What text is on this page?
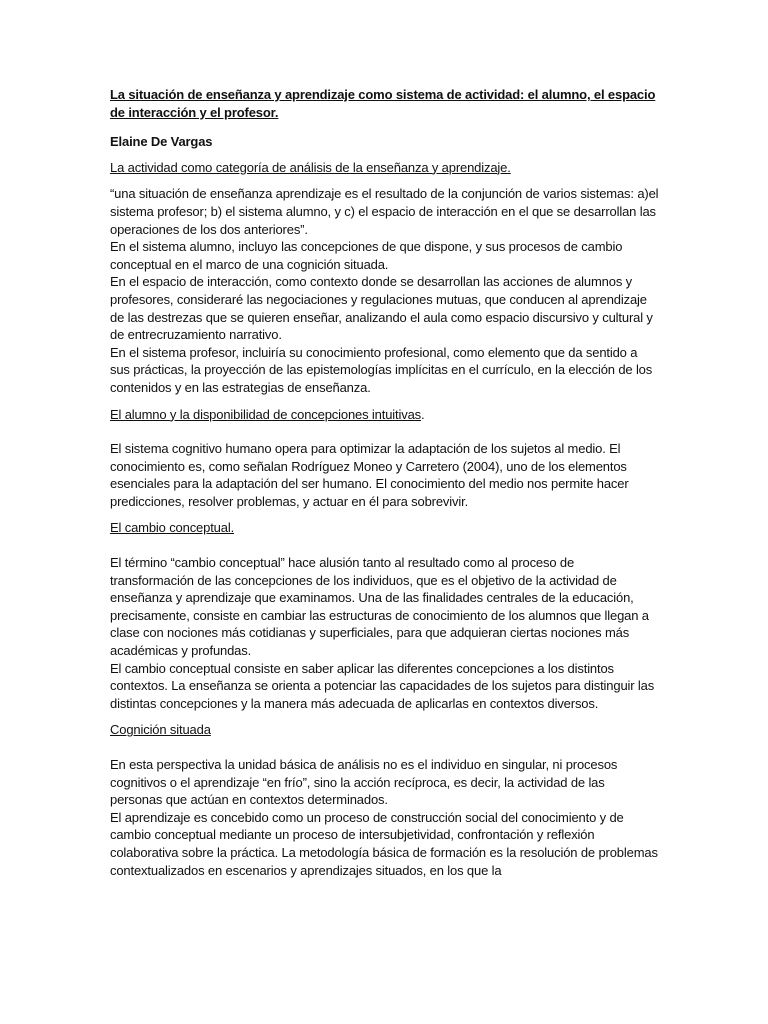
La situación de enseñanza y aprendizaje como sistema de actividad: el alumno, el espacio de interacción y el profesor.

Elaine De Vargas

La actividad como categoría de análisis de la enseñanza y aprendizaje.

“una situación de enseñanza aprendizaje es el resultado de la conjunción de varios sistemas: a)el sistema profesor; b) el sistema alumno, y c) el espacio de interacción en el que se desarrollan las operaciones de los dos anteriores”.

En el sistema alumno, incluyo las concepciones de que dispone, y sus procesos de cambio conceptual en el marco de una cognición situada.

En el espacio de interacción, como contexto donde se desarrollan las acciones de alumnos y profesores, consideraré las negociaciones y regulaciones mutuas, que conducen al aprendizaje de las destrezas que se quieren enseñar, analizando el aula como espacio discursivo y cultural y de entrecruzamiento narrativo.

En el sistema profesor, incluiría su conocimiento profesional, como elemento que da sentido a sus prácticas, la proyección de las epistemologías implícitas en el currículo, en la elección de los contenidos y en las estrategias de enseñanza.

El alumno y la disponibilidad de concepciones intuitivas.

El sistema cognitivo humano opera para optimizar la adaptación de los sujetos al medio. El conocimiento es, como señalan Rodríguez Moneo y Carretero (2004), uno de los elementos esenciales para la adaptación del ser humano. El conocimiento del medio nos permite hacer predicciones, resolver problemas, y actuar en él para sobrevivir.

El cambio conceptual.

El término “cambio conceptual” hace alusión tanto al resultado como al proceso de transformación de las concepciones de los individuos, que es el objetivo de la actividad de enseñanza y aprendizaje que examinamos. Una de las finalidades centrales de la educación, precisamente, consiste en cambiar las estructuras de conocimiento de los alumnos que llegan a clase con nociones más cotidianas y superficiales, para que adquieran ciertas nociones más académicas y profundas.

El cambio conceptual consiste en saber aplicar las diferentes concepciones a los distintos contextos. La enseñanza se orienta a potenciar las capacidades de los sujetos para distinguir las distintas concepciones y la manera más adecuada de aplicarlas en contextos diversos.

Cognición situada

En esta perspectiva la unidad básica de análisis no es el individuo en singular, ni procesos cognitivos o el aprendizaje “en frío”, sino la acción recíproca, es decir, la actividad de las personas que actúan en contextos determinados.

El aprendizaje es concebido como un proceso de construcción social del conocimiento y de cambio conceptual mediante un proceso de intersubjetividad, confrontación y reflexión colaborativa sobre la práctica. La metodología básica de formación es la resolución de problemas contextualizados en escenarios y aprendizajes situados, en los que la
